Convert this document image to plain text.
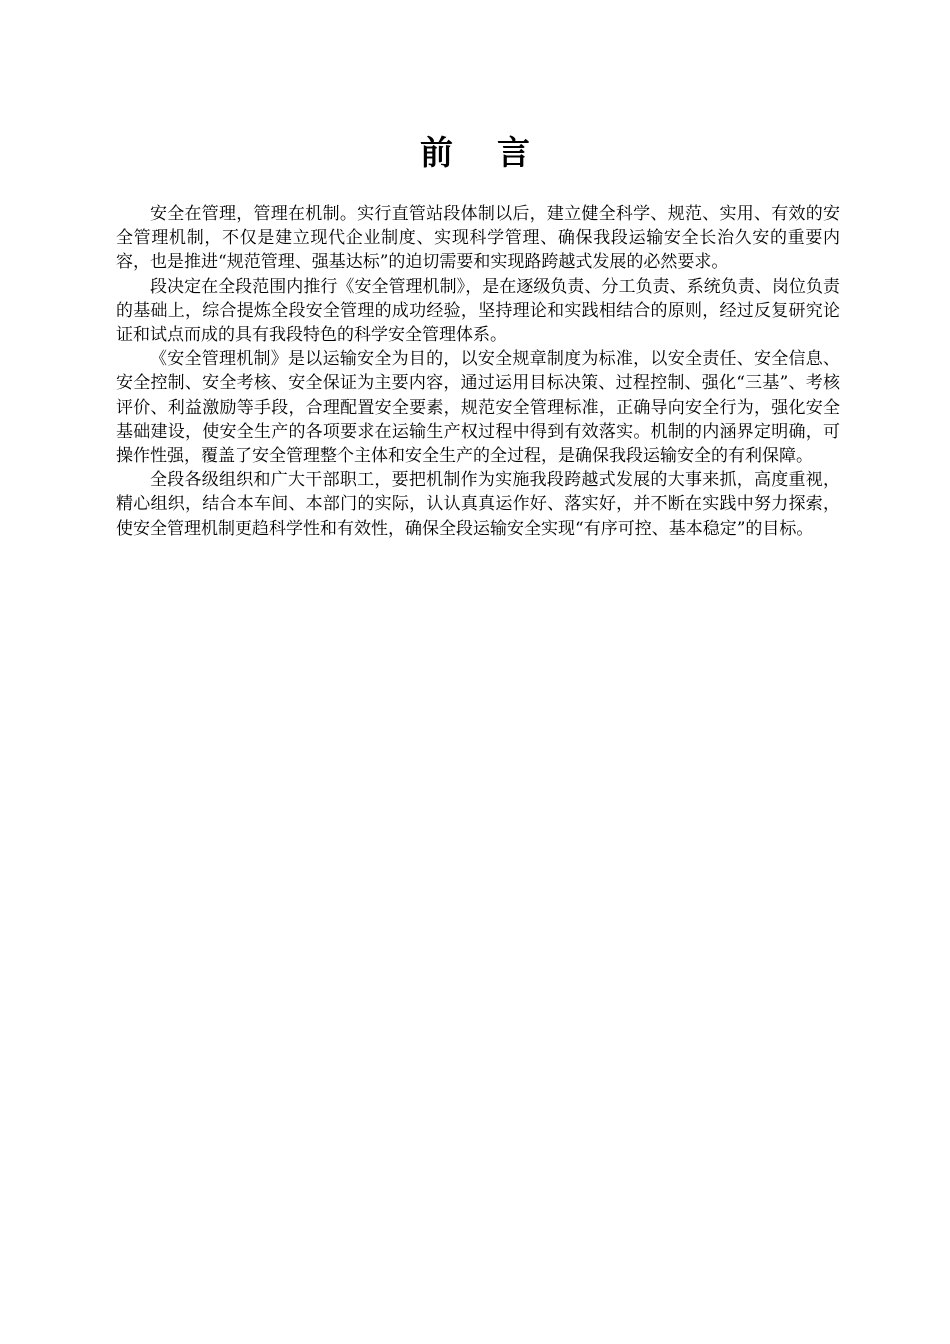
前 言

安全在管理，管理在机制。实行直管站段体制以后，建立健全科学、规范、实用、有效的安全管理机制，不仅是建立现代企业制度、实现科学管理、确保我段运输安全长治久安的重要内容，也是推进“规范管理、强基达标”的迫切需要和实现路跨越式发展的必然要求。

段决定在全段范围内推行《安全管理机制》，是在逐级负责、分工负责、系统负责、岗位负责的基础上，综合提炼全段安全管理的成功经验，坚持理论和实践相结合的原则，经过反复研究论证和试点而成的具有我段特色的科学安全管理体系。

《安全管理机制》是以运输安全为目的，以安全规章制度为标准，以安全责任、安全信息、安全控制、安全考核、安全保证为主要内容，通过运用目标决策、过程控制、强化“三基”、考核评价、利益激励等手段，合理配置安全要素，规范安全管理标准，正确导向安全行为，强化安全基础建设，使安全生产的各项要求在运输生产权过程中得到有效落实。机制的内涵界定明确，可操作性强，覆盖了安全管理整个主体和安全生产的全过程，是确保我段运输安全的有利保障。

全段各级组织和广大干部职工，要把机制作为实施我段跨越式发展的大事来抓，高度重视，精心组织，结合本车间、本部门的实际，认认真真运作好、落实好，并不断在实践中努力探索，使安全管理机制更趋科学性和有效性，确保全段运输安全实现“有序可控、基本稳定”的目标。
